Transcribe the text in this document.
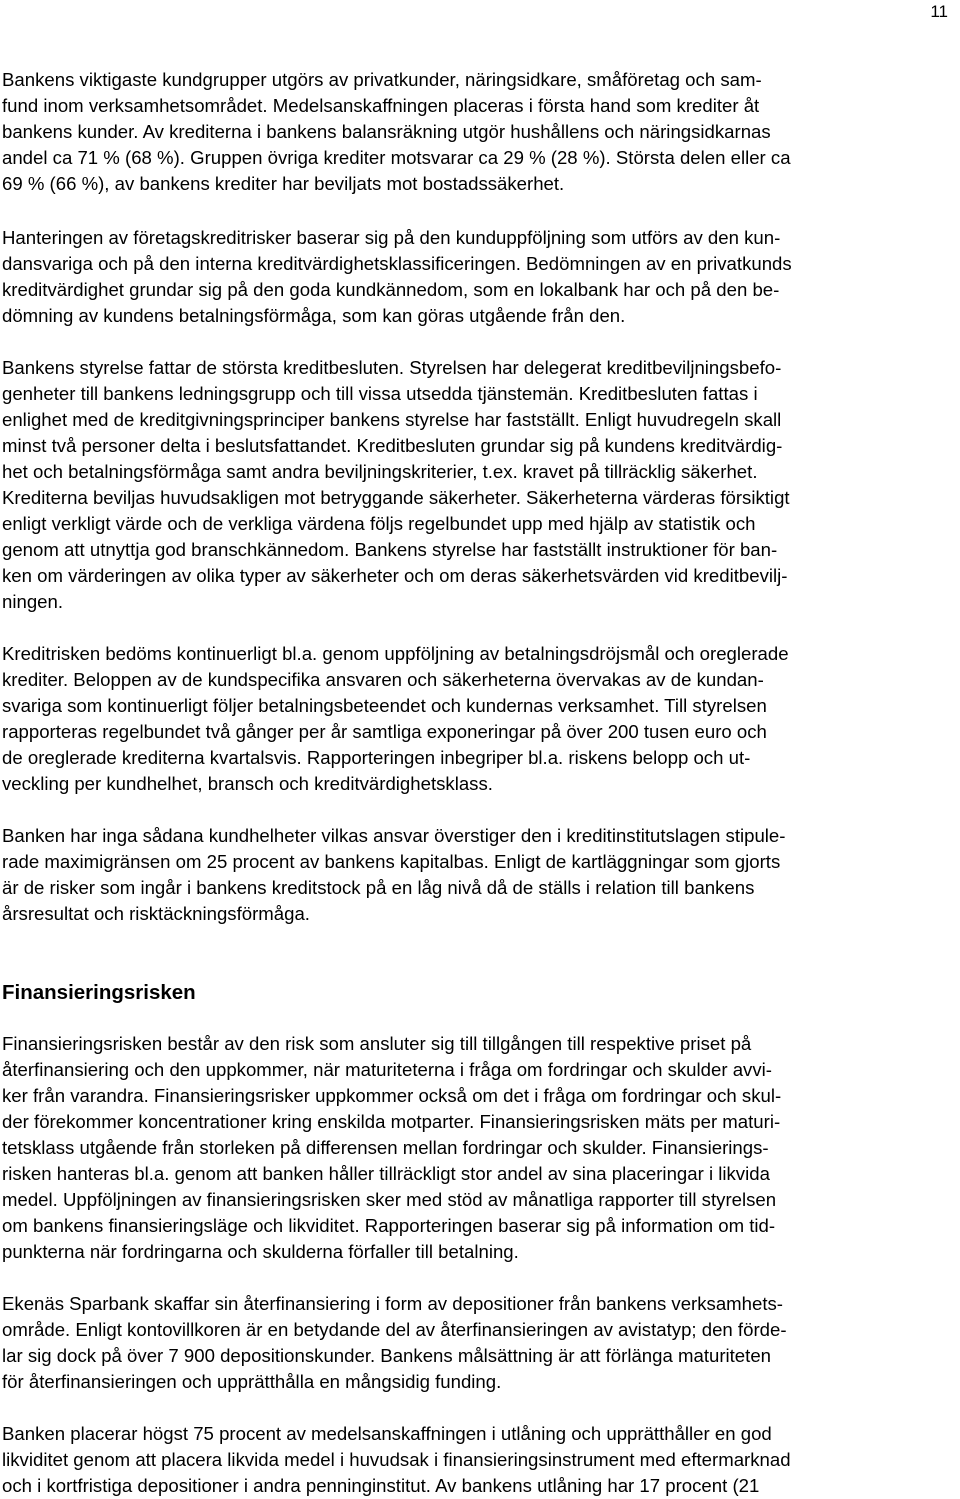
11
Bankens viktigaste kundgrupper utgörs av privatkunder, näringsidkare, småföretag och sam-
fund inom verksamhetsområdet. Medelsanskaffningen placeras i första hand som krediter åt
bankens kunder. Av krediterna i bankens balansräkning utgör hushållens och näringsidkarnas
andel ca 71 % (68 %). Gruppen övriga krediter motsvarar ca 29 % (28 %). Största delen eller ca
69 % (66 %), av bankens krediter har beviljats mot bostadssäkerhet.
Hanteringen av företagskreditrisker baserar sig på den kunduppföljning som utförs av den kun-
dansvariga och på den interna kreditvärdighetsklassificeringen. Bedömningen av en privatkunds
kreditvärdighet grundar sig på den goda kundkännedom, som en lokalbank har och på den be-
dömning av kundens betalningsförmåga, som kan göras utgående från den.
Bankens styrelse fattar de största kreditbesluten. Styrelsen har delegerat kreditbeviljningsbefo-
genheter till bankens ledningsgrupp och till vissa utsedda tjänstemän. Kreditbesluten fattas i
enlighet med de kreditgivningsprinciper bankens styrelse har fastställt. Enligt huvudregeln skall
minst två personer delta i beslutsfattandet. Kreditbesluten grundar sig på kundens kreditvärdig-
het och betalningsförmåga samt andra beviljningskriterier, t.ex. kravet på tillräcklig säkerhet.
Krediterna beviljas huvudsakligen mot betryggande säkerheter. Säkerheterna värderas försiktigt
enligt verkligt värde och de verkliga värdena följs regelbundet upp med hjälp av statistik och
genom att utnyttja god branschkännedom. Bankens styrelse har fastställt instruktioner för ban-
ken om värderingen av olika typer av säkerheter och om deras säkerhetsvärden vid kreditbevilj-
ningen.
Kreditrisken bedöms kontinuerligt bl.a. genom uppföljning av betalningsdröjsmål och oreglerade
krediter. Beloppen av de kundspecifika ansvaren och säkerheterna övervakas av de kundan-
svariga som kontinuerligt följer betalningsbeteendet och kundernas verksamhet. Till styrelsen
rapporteras regelbundet två gånger per år samtliga exponeringar på över 200 tusen euro och
de oreglerade krediterna kvartalsvis. Rapporteringen inbegriper bl.a. riskens belopp och ut-
veckling per kundhelhet, bransch och kreditvärdighetsklass.
Banken har inga sådana kundhelheter vilkas ansvar överstiger den i kreditinstitutslagen stipule-
rade maximigränsen om 25 procent av bankens kapitalbas. Enligt de kartläggningar som gjorts
är de risker som ingår i bankens kreditstock på en låg nivå då de ställs i relation till bankens
årsresultat och risktäckningsförmåga.
Finansieringsrisken
Finansieringsrisken består av den risk som ansluter sig till tillgången till respektive priset på
återfinansiering och den uppkommer, när maturiteterna i fråga om fordringar och skulder avvi-
ker från varandra. Finansieringsrisker uppkommer också om det i fråga om fordringar och skul-
der förekommer koncentrationer kring enskilda motparter. Finansieringsrisken mäts per maturi-
tetsklass utgående från storleken på differensen mellan fordringar och skulder. Finansierings-
risken hanteras bl.a. genom att banken håller tillräckligt stor andel av sina placeringar i likvida
medel. Uppföljningen av finansieringsrisken sker med stöd av månatliga rapporter till styrelsen
om bankens finansieringsläge och likviditet. Rapporteringen baserar sig på information om tid-
punkterna när fordringarna och skulderna förfaller till betalning.
Ekenäs Sparbank skaffar sin återfinansiering i form av depositioner från bankens verksamhets-
område. Enligt kontovillkoren är en betydande del av återfinansieringen av avistatyp; den förde-
lar sig dock på över 7 900 depositionskunder. Bankens målsättning är att förlänga maturiteten
för återfinansieringen och upprätthålla en mångsidig funding.
Banken placerar högst 75 procent av medelsanskaffningen i utlåning och upprätthåller en god
likviditet genom att placera likvida medel i huvudsak i finansieringsinstrument med eftermarknad
och i kortfristiga depositioner i andra penninginstitut. Av bankens utlåning har 17 procent (21
